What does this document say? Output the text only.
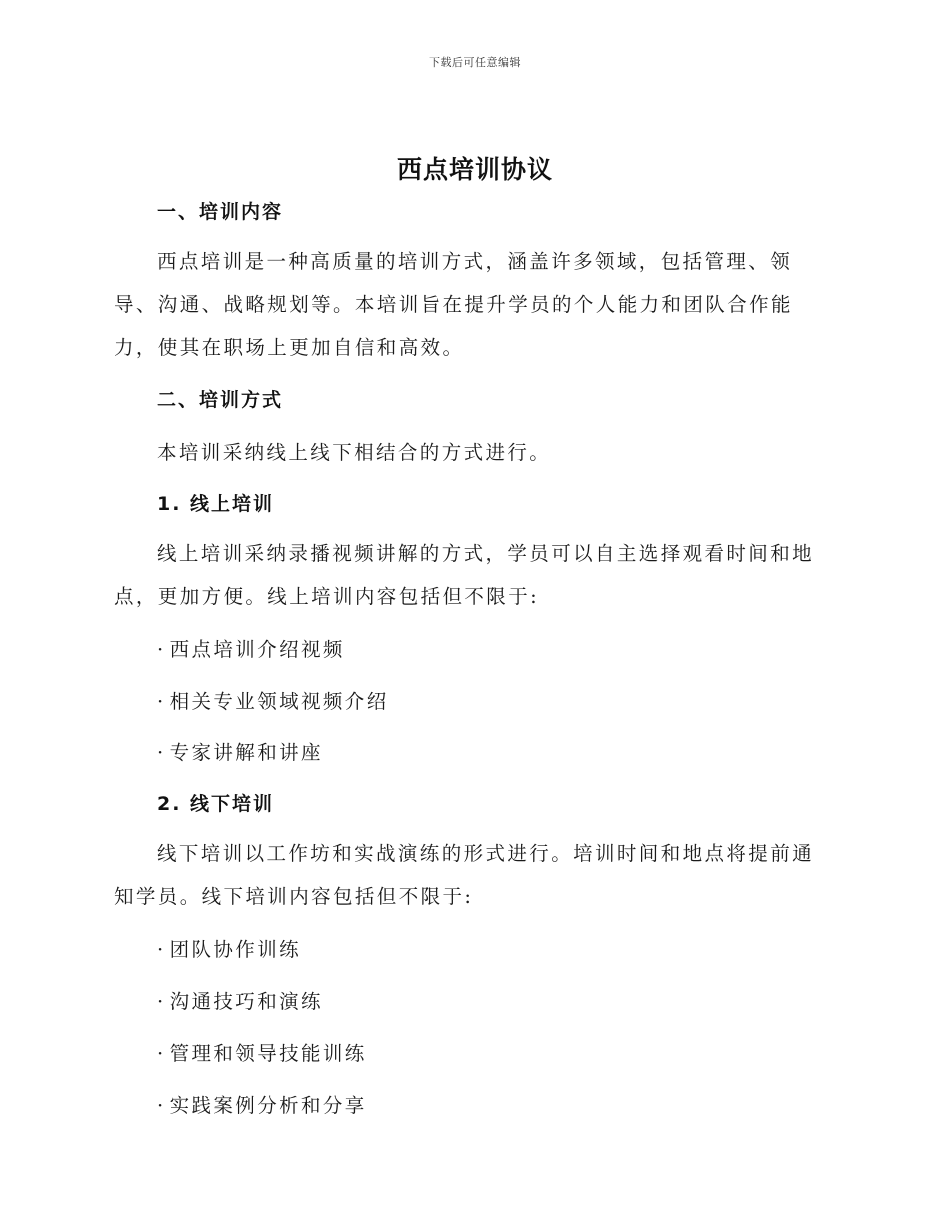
下载后可任意编辑
西点培训协议
一、培训内容
西点培训是一种高质量的培训方式，涵盖许多领域，包括管理、领导、沟通、战略规划等。本培训旨在提升学员的个人能力和团队合作能力，使其在职场上更加自信和高效。
二、培训方式
本培训采纳线上线下相结合的方式进行。
1. 线上培训
线上培训采纳录播视频讲解的方式，学员可以自主选择观看时间和地点，更加方便。线上培训内容包括但不限于:
· 西点培训介绍视频
· 相关专业领域视频介绍
· 专家讲解和讲座
2. 线下培训
线下培训以工作坊和实战演练的形式进行。培训时间和地点将提前通知学员。线下培训内容包括但不限于:
· 团队协作训练
· 沟通技巧和演练
· 管理和领导技能训练
· 实践案例分析和分享
